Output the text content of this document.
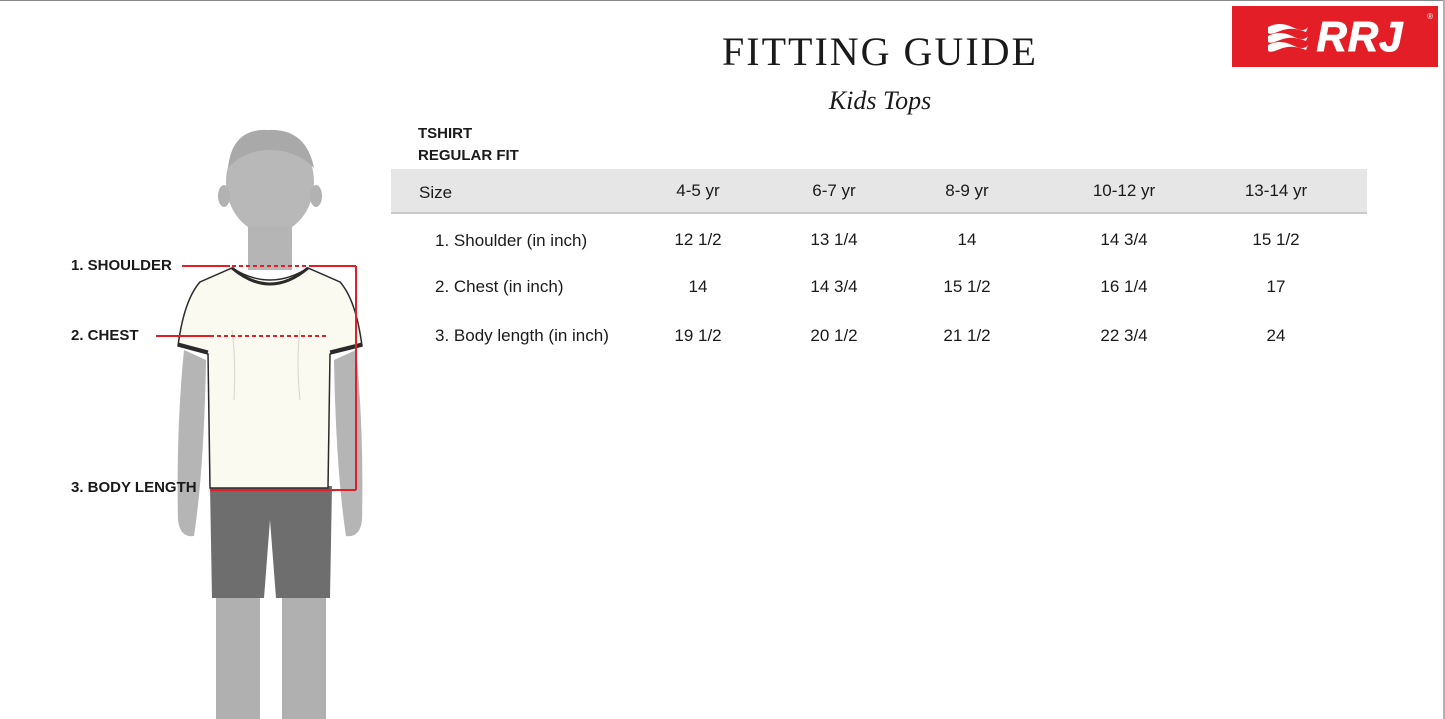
FITTING GUIDE
Kids Tops
RRJ	®
TSHIRT
REGULAR FIT
Size	4-5 yr	6-7 yr	8-9 yr	10-12 yr	13-14 yr
1. Shoulder (in inch)	12 1/2	13 1/4	14	14 3/4	15 1/2
2. Chest (in inch)	14	14 3/4	15 1/2	16 1/4	17
3. Body length (in inch)	19 1/2	20 1/2	21 1/2	22 3/4	24
1. SHOULDER
2. CHEST
3. BODY LENGTH
